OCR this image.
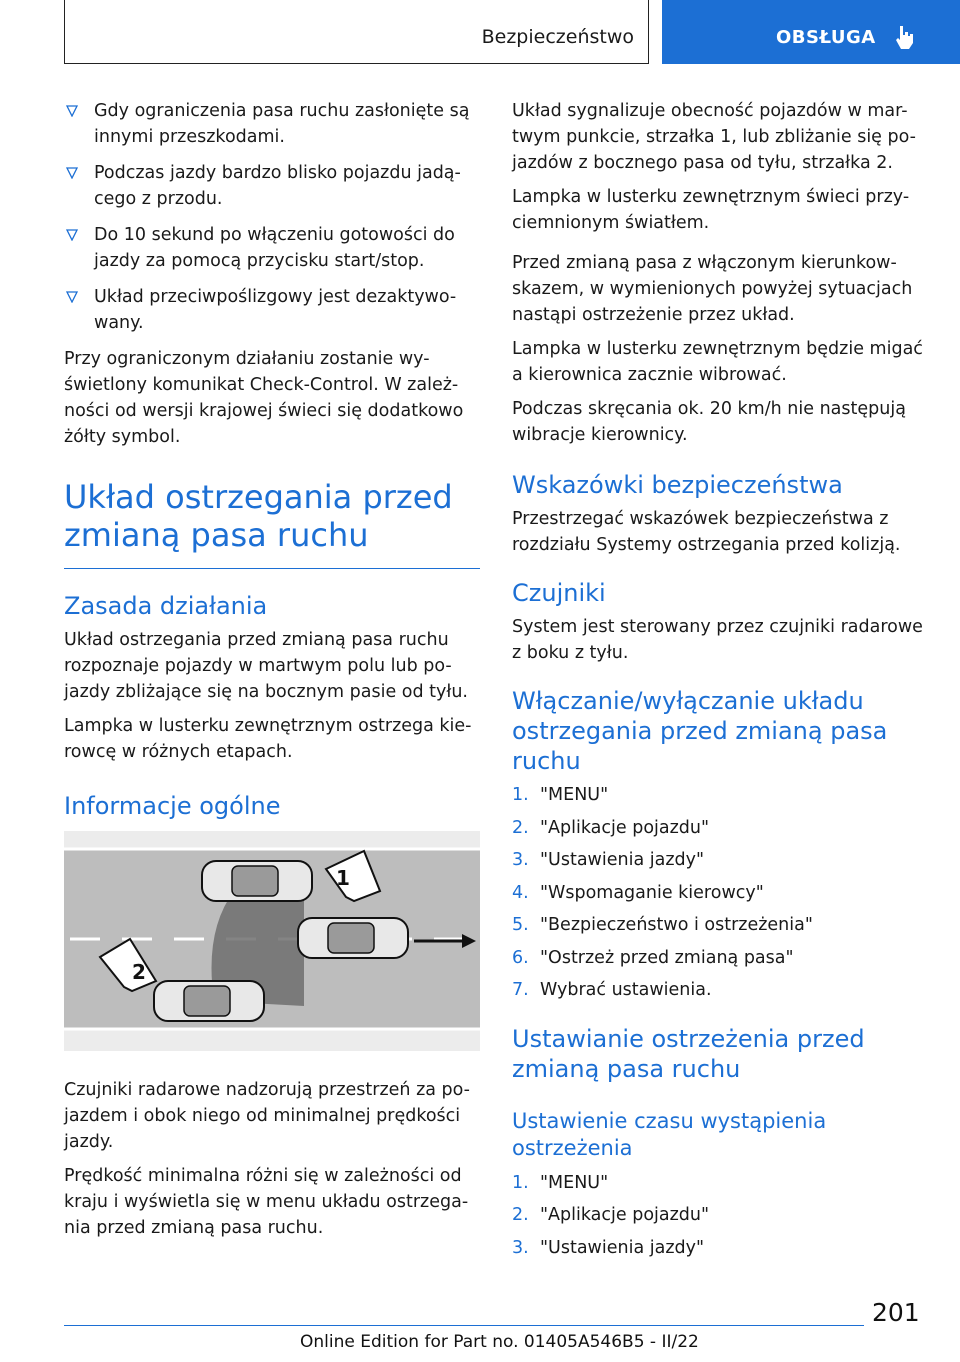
Bezpieczeństwo	OBSŁUGA
Gdy ograniczenia pasa ruchu zasłonięte są innymi przeszkodami.
Podczas jazdy bardzo blisko pojazdu jadą-cego z przodu.
Do 10 sekund po włączeniu gotowości do jazdy za pomocą przycisku start/stop.
Układ przeciwpoślizgowy jest dezaktywo-wany.

Przy ograniczonym działaniu zostanie wy-świetlony komunikat Check-Control. W zależ-ności od wersji krajowej świeci się dodatkowo żółty symbol.

Układ ostrzegania przed zmianą pasa ruchu
Zasada działania

Układ ostrzegania przed zmianą pasa ruchu rozpoznaje pojazdy w martwym polu lub po-jazdy zbliżające się na bocznym pasie od tyłu.

Lampka w lusterku zewnętrznym ostrzega kie-rowcę w różnych etapach.

Informacje ogólne
1
2

Czujniki radarowe nadzorują przestrzeń za po-jazdem i obok niego od minimalnej prędkości jazdy.

Prędkość minimalna różni się w zależności od kraju i wyświetla się w menu układu ostrzega-nia przed zmianą pasa ruchu.

Układ sygnalizuje obecność pojazdów w mar-twym punkcie, strzałka 1, lub zbliżanie się po-jazdów z bocznego pasa od tyłu, strzałka 2.

Lampka w lusterku zewnętrznym świeci przy-ciemnionym światłem.

Przed zmianą pasa z włączonym kierunkow-skazem, w wymienionych powyżej sytuacjach nastąpi ostrzeżenie przez układ.

Lampka w lusterku zewnętrznym będzie migać a kierownica zacznie wibrować.

Podczas skręcania ok. 20 km/h nie następują wibracje kierownicy.

Wskazówki bezpieczeństwa

Przestrzegać wskazówek bezpieczeństwa z rozdziału Systemy ostrzegania przed kolizją.

Czujniki

System jest sterowany przez czujniki radarowe z boku z tyłu.

Włączanie/wyłączanie układu ostrzegania przed zmianą pasa ruchu
1. "MENU"
2. "Aplikacje pojazdu"
3. "Ustawienia jazdy"
4. "Wspomaganie kierowcy"
5. "Bezpieczeństwo i ostrzeżenia"
6. "Ostrzeż przed zmianą pasa"
7. Wybrać ustawienia.
Ustawianie ostrzeżenia przed zmianą pasa ruchu
Ustawienie czasu wystąpienia ostrzeżenia
1. "MENU"
2. "Aplikacje pojazdu"
3. "Ustawienia jazdy"
201
Online Edition for Part no. 01405A546B5 - II/22
